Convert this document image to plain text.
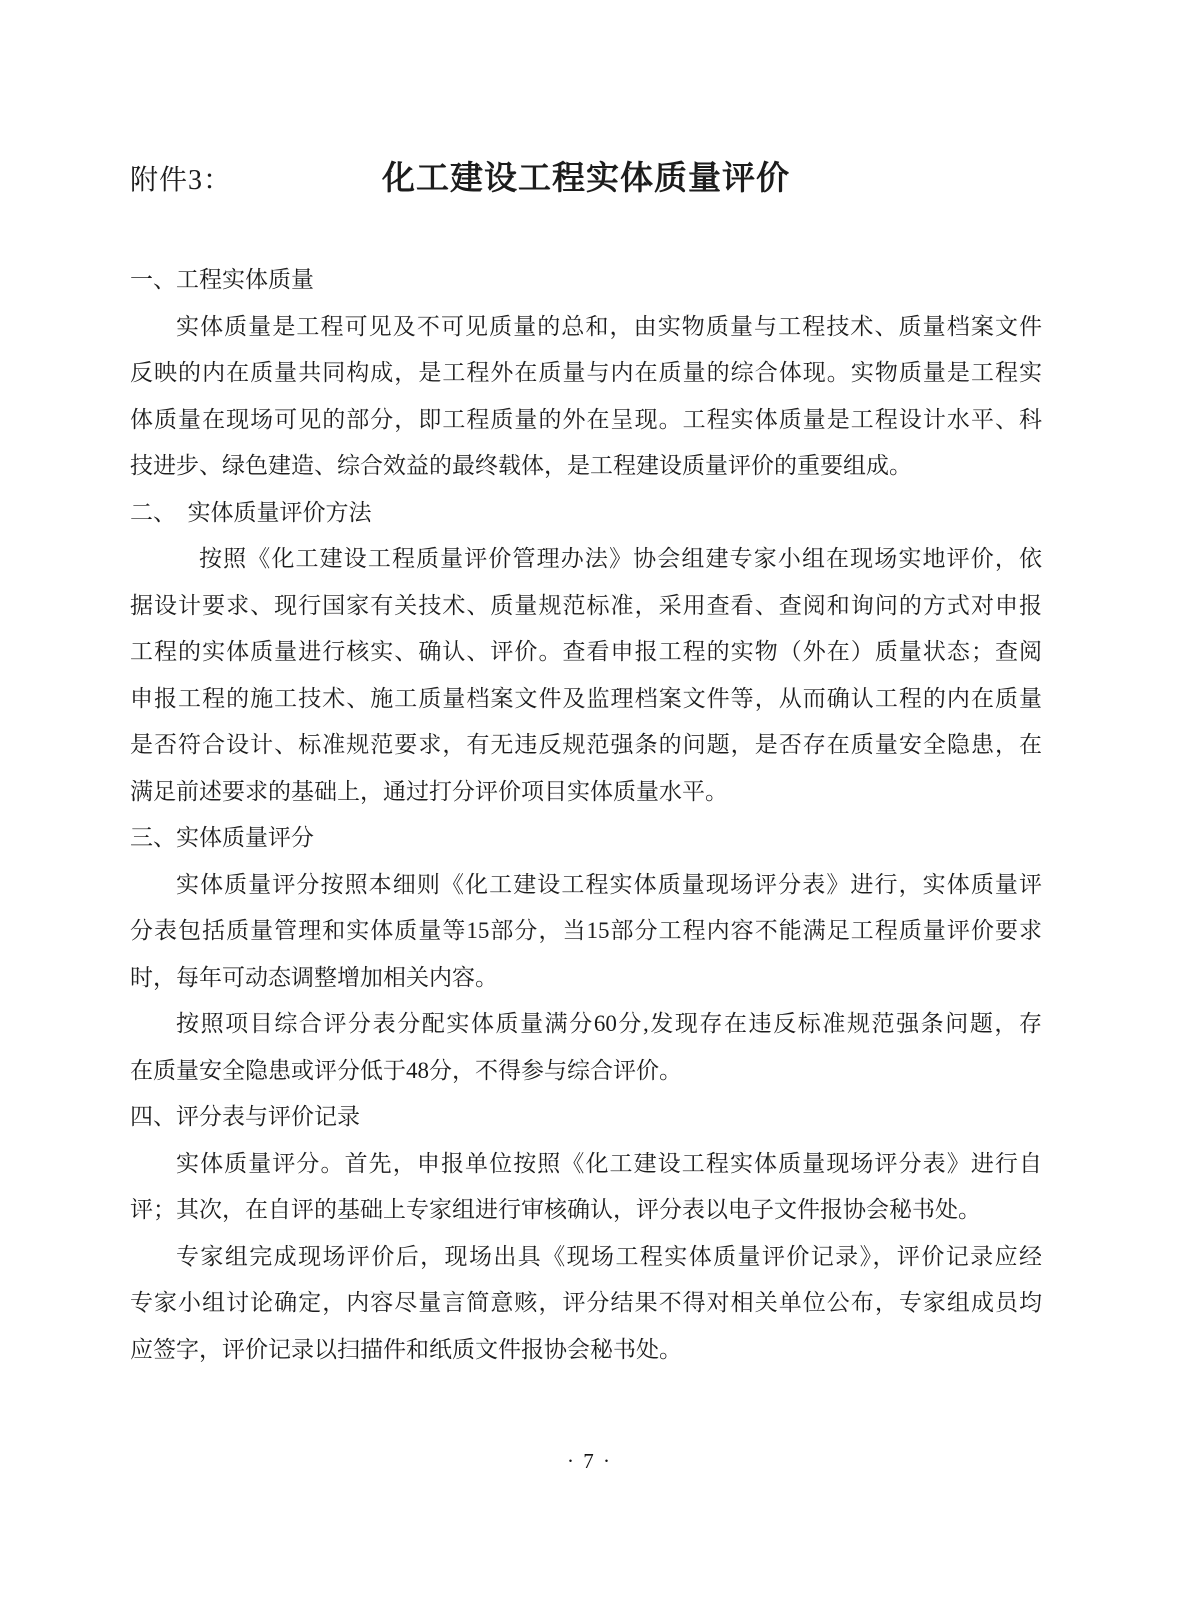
附件3：	化工建设工程实体质量评价
一、工程实体质量
实体质量是工程可见及不可见质量的总和，由实物质量与工程技术、质量档案文件
反映的内在质量共同构成，是工程外在质量与内在质量的综合体现。实物质量是工程实
体质量在现场可见的部分，即工程质量的外在呈现。工程实体质量是工程设计水平、科
技进步、绿色建造、综合效益的最终载体，是工程建设质量评价的重要组成。
二、　实体质量评价方法
按照《化工建设工程质量评价管理办法》协会组建专家小组在现场实地评价，依
据设计要求、现行国家有关技术、质量规范标准，采用查看、查阅和询问的方式对申报
工程的实体质量进行核实、确认、评价。查看申报工程的实物（外在）质量状态；查阅
申报工程的施工技术、施工质量档案文件及监理档案文件等，从而确认工程的内在质量
是否符合设计、标准规范要求，有无违反规范强条的问题，是否存在质量安全隐患，在
满足前述要求的基础上，通过打分评价项目实体质量水平。
三、实体质量评分
实体质量评分按照本细则《化工建设工程实体质量现场评分表》进行，实体质量评
分表包括质量管理和实体质量等15部分，当15部分工程内容不能满足工程质量评价要求
时，每年可动态调整增加相关内容。
按照项目综合评分表分配实体质量满分60分,发现存在违反标准规范强条问题，存
在质量安全隐患或评分低于48分，不得参与综合评价。
四、评分表与评价记录
实体质量评分。首先，申报单位按照《化工建设工程实体质量现场评分表》进行自
评；其次，在自评的基础上专家组进行审核确认，评分表以电子文件报协会秘书处。
专家组完成现场评价后，现场出具《现场工程实体质量评价记录》，评价记录应经
专家小组讨论确定，内容尽量言简意赅，评分结果不得对相关单位公布，专家组成员均
应签字，评价记录以扫描件和纸质文件报协会秘书处。
· 7 ·
